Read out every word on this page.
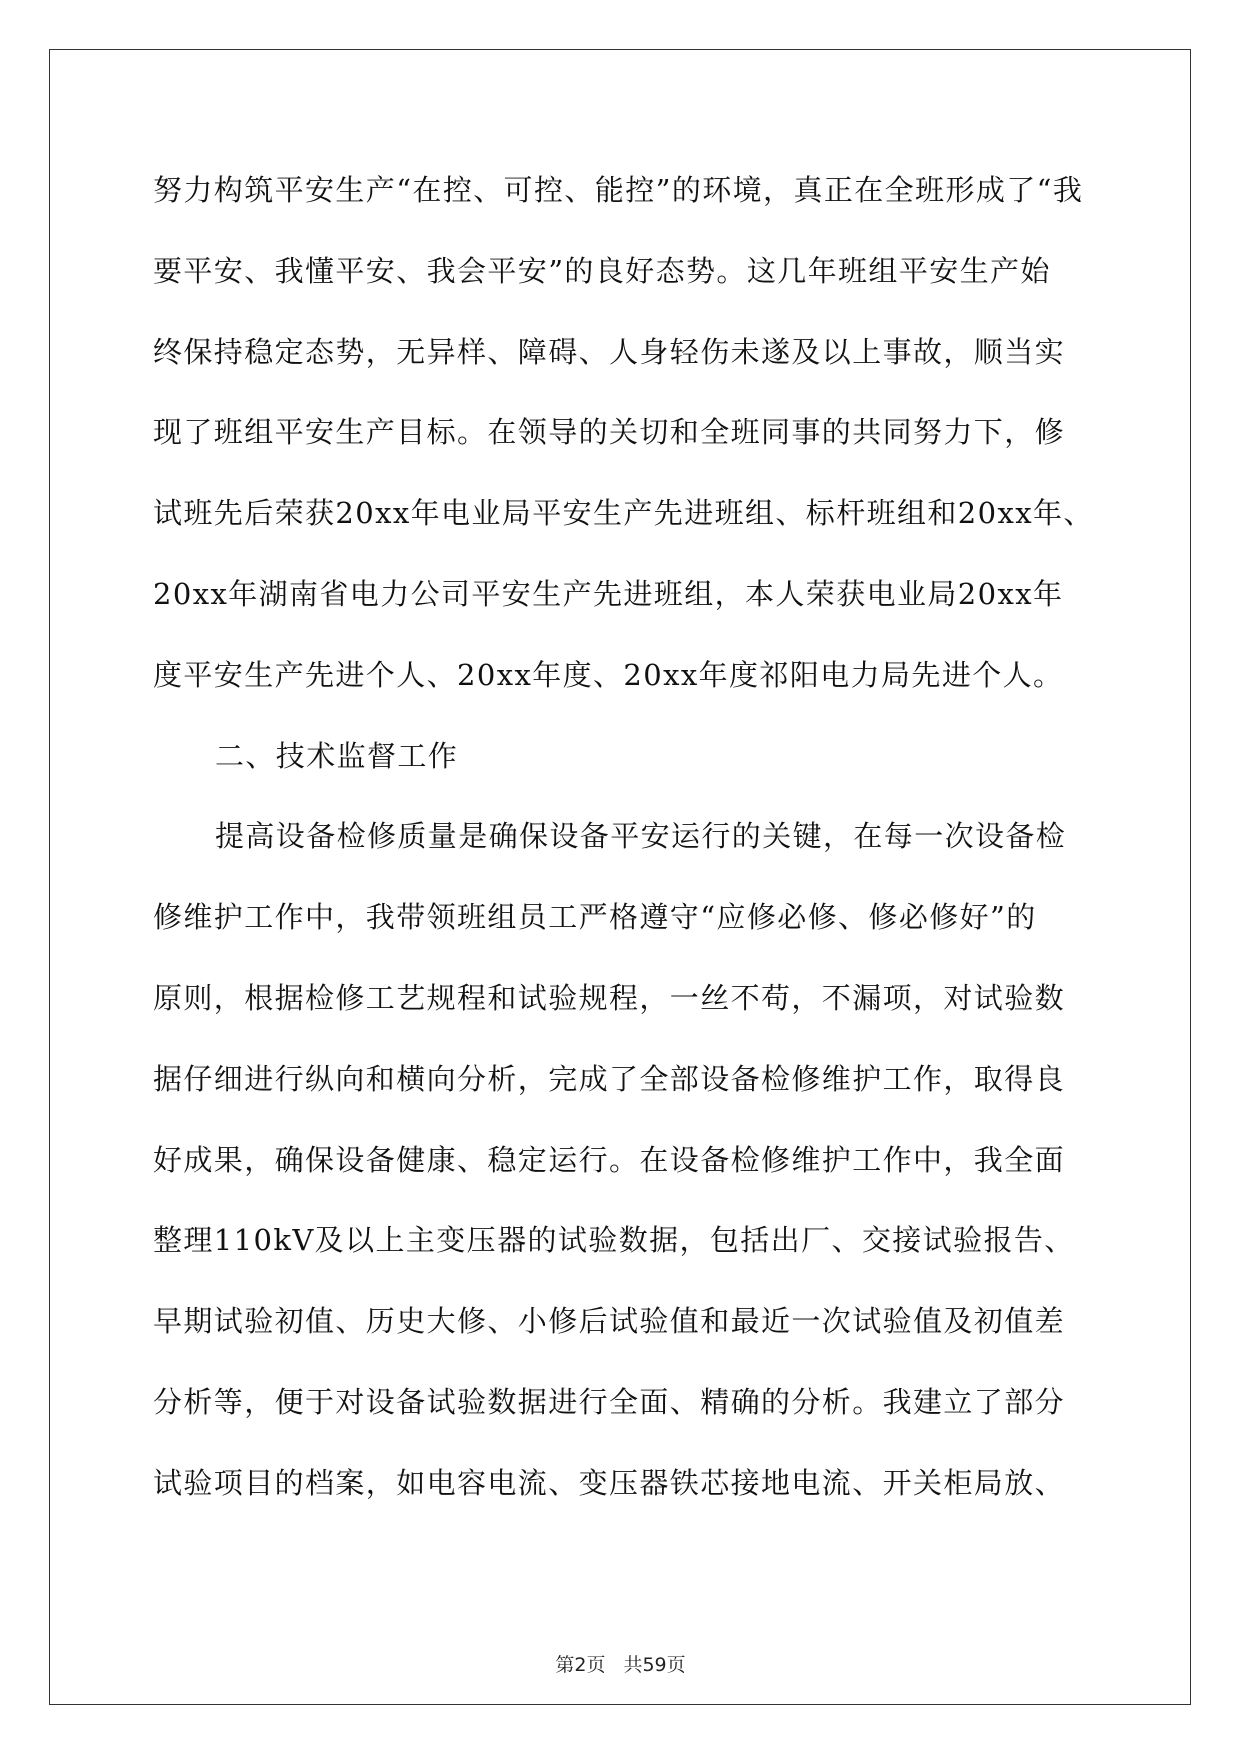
努力构筑平安生产“在控、可控、能控”的环境，真正在全班形成了“我
要平安、我懂平安、我会平安”的良好态势。这几年班组平安生产始
终保持稳定态势，无异样、障碍、人身轻伤未遂及以上事故，顺当实
现了班组平安生产目标。在领导的关切和全班同事的共同努力下，修
试班先后荣获20xx年电业局平安生产先进班组、标杆班组和20xx年、
20xx年湖南省电力公司平安生产先进班组，本人荣获电业局20xx年
度平安生产先进个人、20xx年度、20xx年度祁阳电力局先进个人。
二、技术监督工作
提高设备检修质量是确保设备平安运行的关键，在每一次设备检
修维护工作中，我带领班组员工严格遵守“应修必修、修必修好”的
原则，根据检修工艺规程和试验规程，一丝不苟，不漏项，对试验数
据仔细进行纵向和横向分析，完成了全部设备检修维护工作，取得良
好成果，确保设备健康、稳定运行。在设备检修维护工作中，我全面
整理110kV及以上主变压器的试验数据，包括出厂、交接试验报告、
早期试验初值、历史大修、小修后试验值和最近一次试验值及初值差
分析等，便于对设备试验数据进行全面、精确的分析。我建立了部分
试验项目的档案，如电容电流、变压器铁芯接地电流、开关柜局放、
第2页 共59页
